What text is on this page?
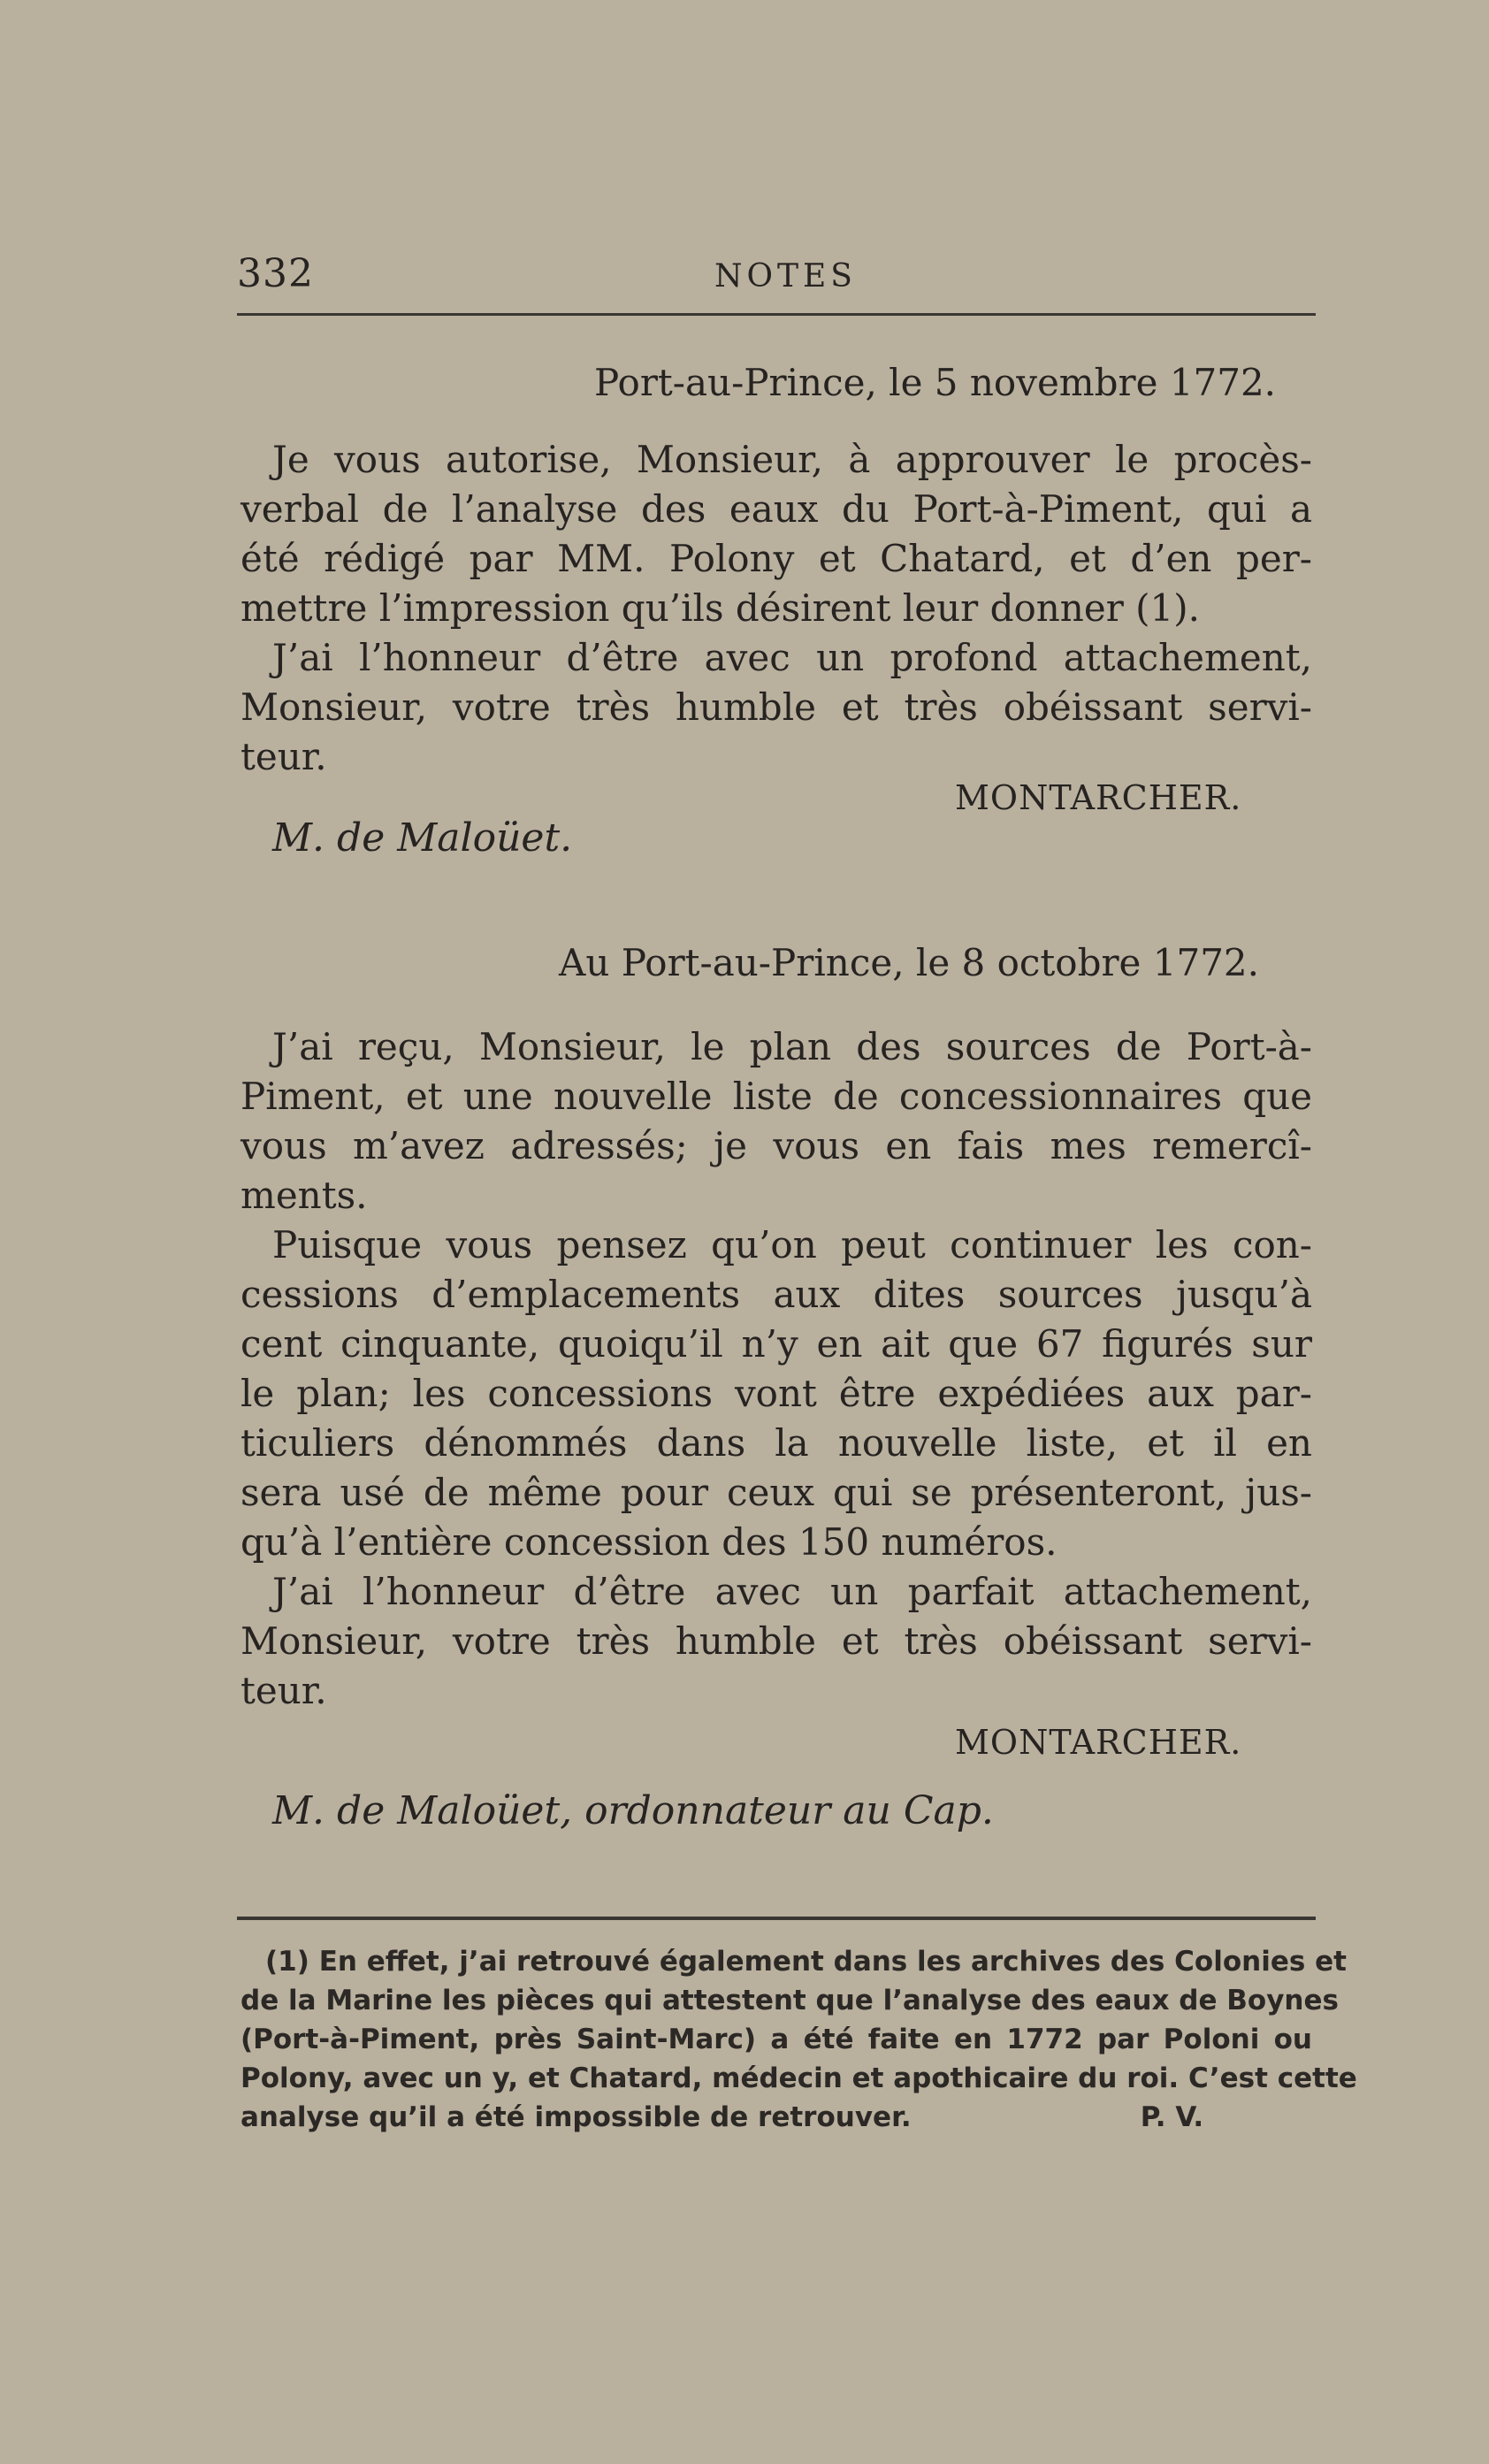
332	NOTES
Port-au-Prince, le 5 novembre 1772.
Je vous autorise, Monsieur, à approuver le procès-
verbal de l’analyse des eaux du Port-à-Piment, qui a
été rédigé par MM. Polony et Chatard, et d’en per-
mettre l’impression qu’ils désirent leur donner (1).
J’ai l’honneur d’être avec un profond attachement,
Monsieur, votre très humble et très obéissant servi-
teur.
MONTARCHER.
M. de Maloüet.
Au Port-au-Prince, le 8 octobre 1772.
J’ai reçu, Monsieur, le plan des sources de Port-à-
Piment, et une nouvelle liste de concessionnaires que
vous m’avez adressés; je vous en fais mes remercî-
ments.
Puisque vous pensez qu’on peut continuer les con-
cessions d’emplacements aux dites sources jusqu’à
cent cinquante, quoiqu’il n’y en ait que 67 figurés sur
le plan; les concessions vont être expédiées aux par-
ticuliers dénommés dans la nouvelle liste, et il en
sera usé de même pour ceux qui se présenteront, jus-
qu’à l’entière concession des 150 numéros.
J’ai l’honneur d’être avec un parfait attachement,
Monsieur, votre très humble et très obéissant servi-
teur.
MONTARCHER.
M. de Maloüet, ordonnateur au Cap.
(1) En effet, j’ai retrouvé également dans les archives des Colonies et
de la Marine les pièces qui attestent que l’analyse des eaux de Boynes
(Port-à-Piment, près Saint-Marc) a été faite en 1772 par Poloni ou
Polony, avec un y, et Chatard, médecin et apothicaire du roi. C’est cette
analyse qu’il a été impossible de retrouver.                        P. V.
